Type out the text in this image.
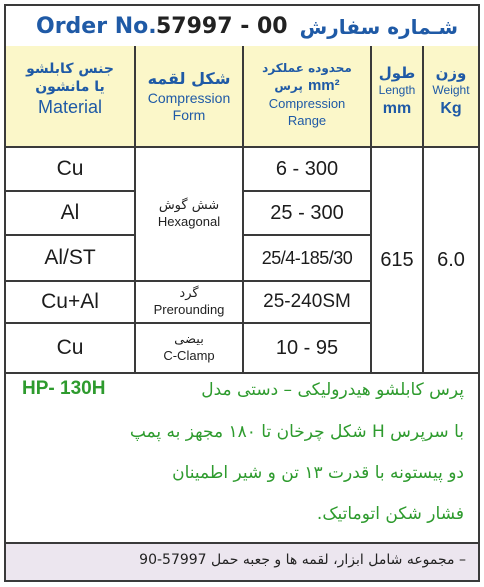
Order No. 57997 - 00 شـماره سفارش
جنس کابلشو
یا مانشون
Material
شکل لقمه
Compression
Form
محدوده عملکرد
پرس mm²
Compression
Range
طول
Length
mm
وزن
Weight
Kg
Cu
Al
Al/ST
Cu+Al
Cu
شش گوش
Hexagonal
گرد
Prerounding
بیضی
C-Clamp
6 - 300
25 - 300
25/4-185/30
25-240SM
10 - 95
615 6.0
HP- 130H	پرس کابلشو هیدرولیکی – دستی مدل
با سرپرس H شکل چرخان تا ۱۸۰ مجهز به پمپ
دو پیستونه با قدرت ۱۳ تن و شیر اطمینان
فشار شکن اتوماتیک.
– مجموعه شامل ابزار، لقمه ها و جعبه حمل 57997-90
